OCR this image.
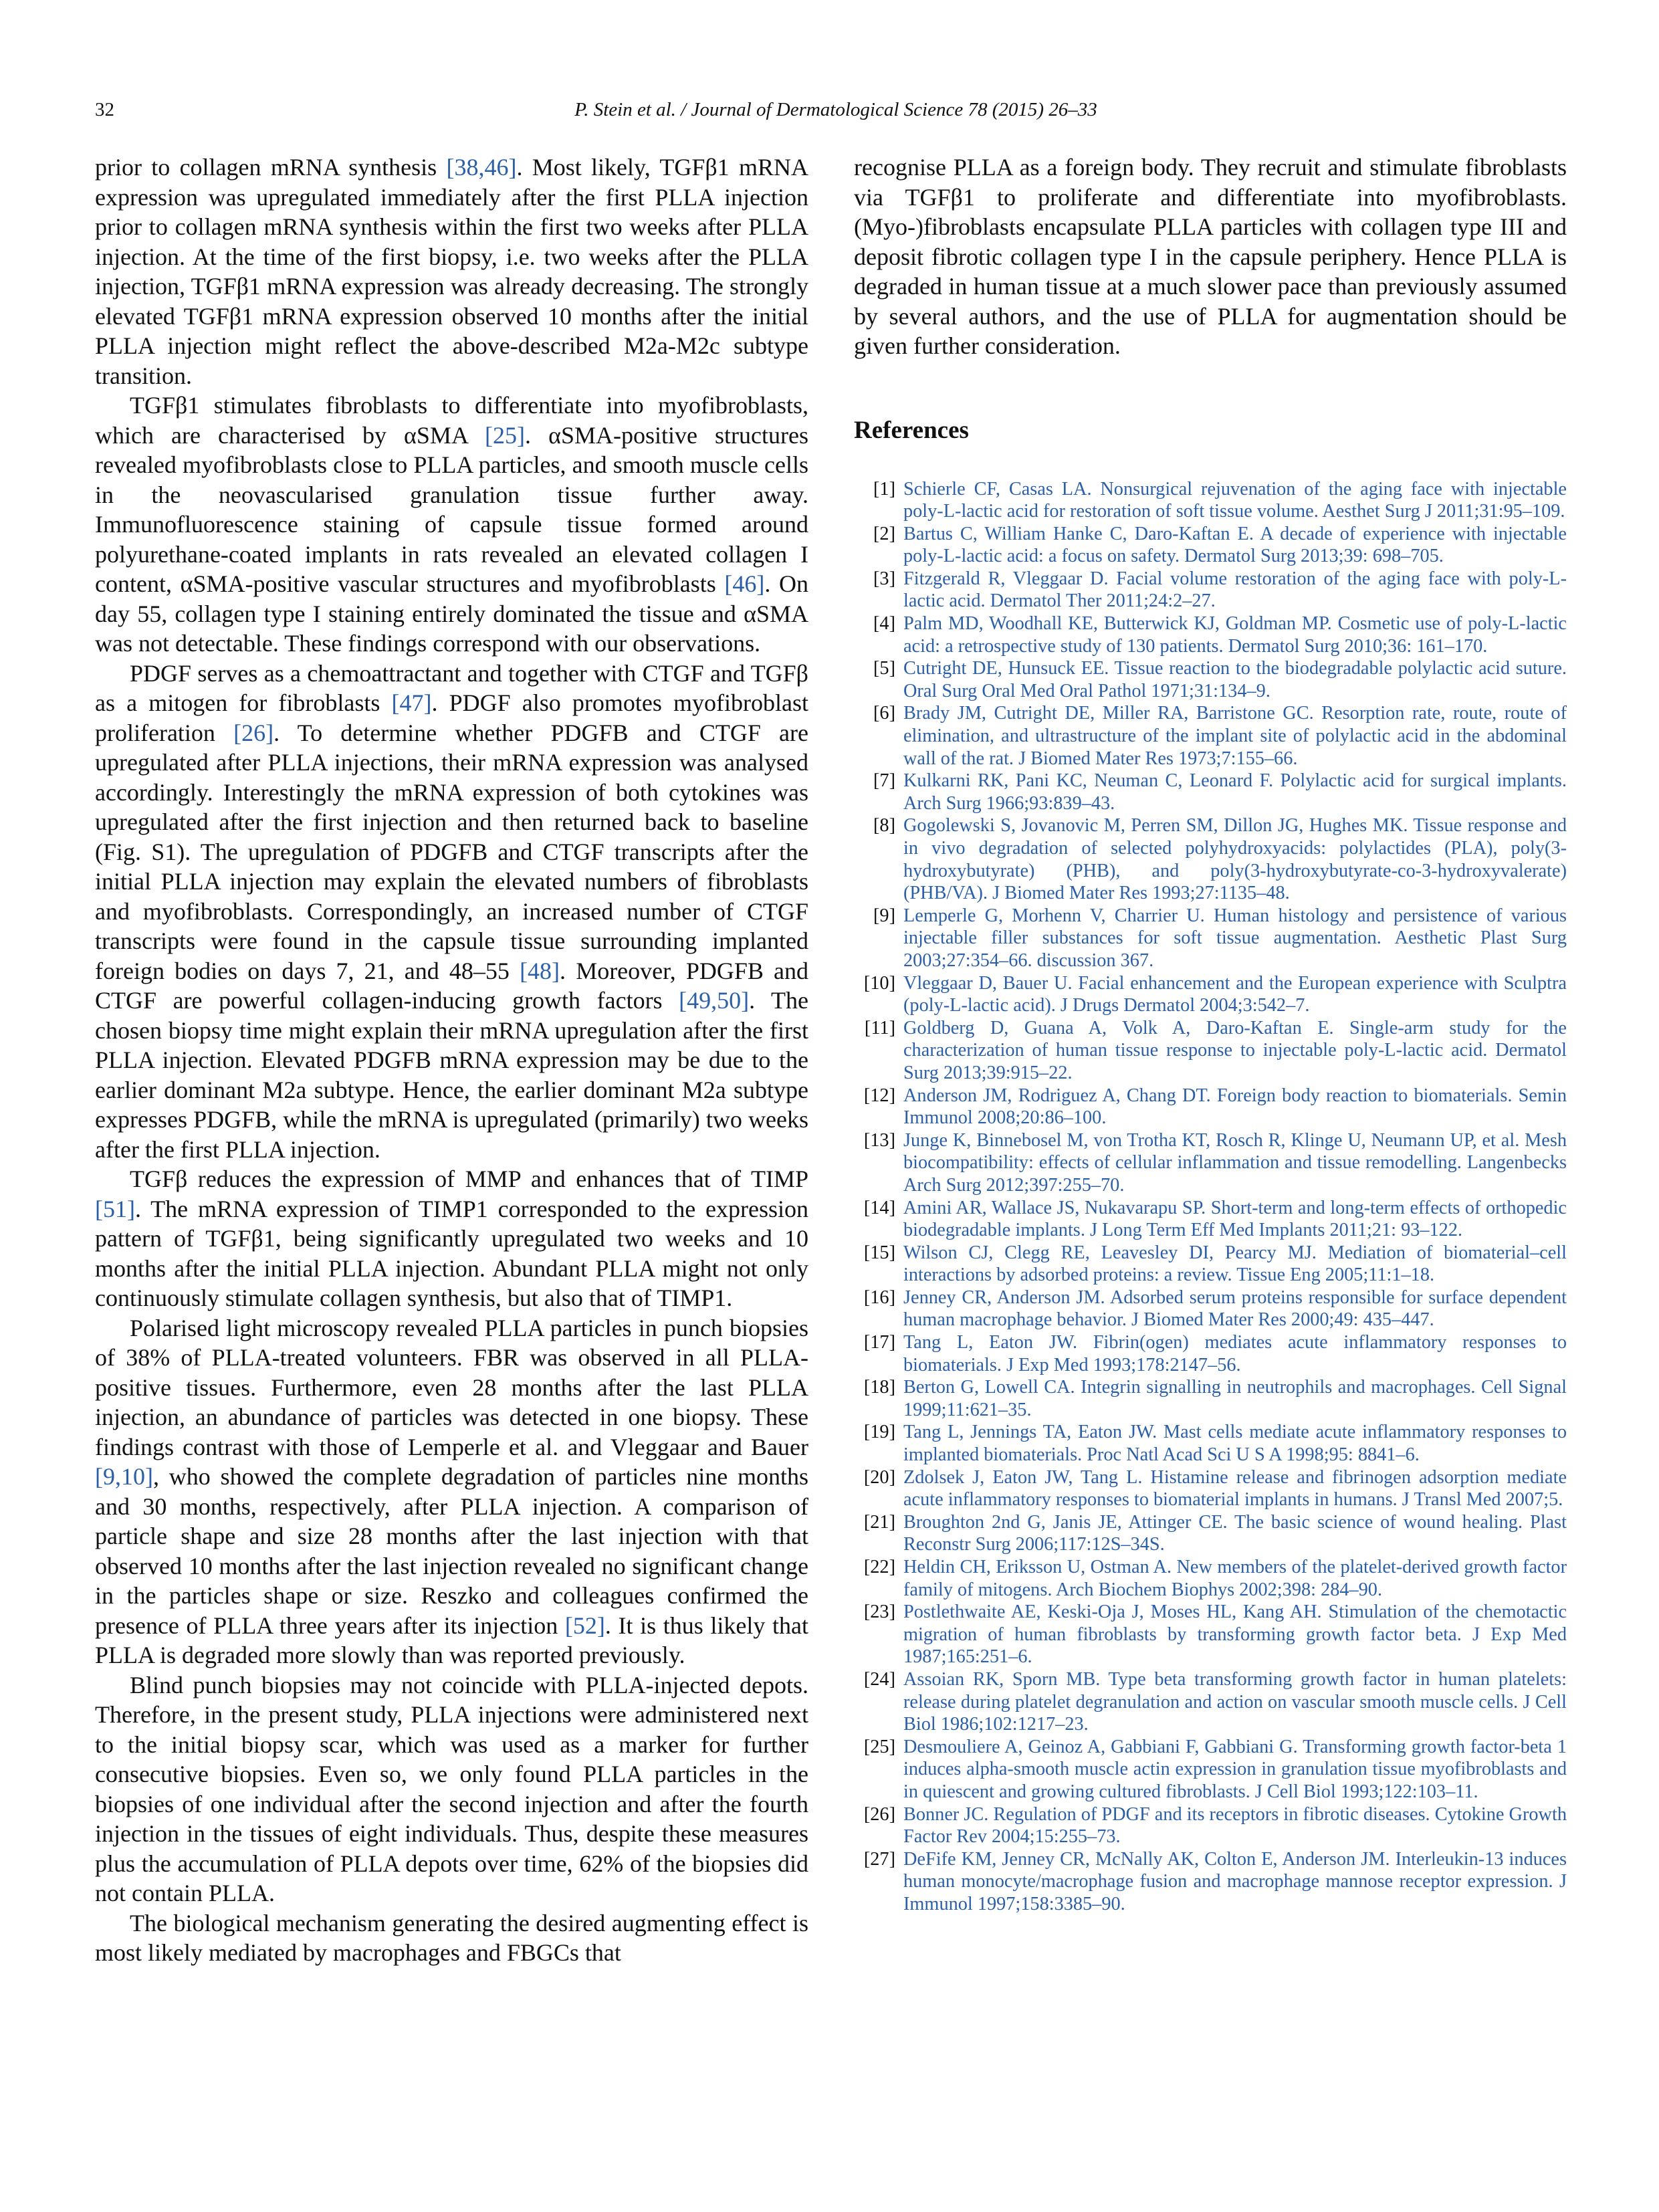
32	P. Stein et al. / Journal of Dermatological Science 78 (2015) 26–33

prior to collagen mRNA synthesis [38,46]. Most likely, TGFβ1 mRNA expression was upregulated immediately after the first PLLA injection prior to collagen mRNA synthesis within the first two weeks after PLLA injection. At the time of the first biopsy, i.e. two weeks after the PLLA injection, TGFβ1 mRNA expression was already decreasing. The strongly elevated TGFβ1 mRNA expression observed 10 months after the initial PLLA injection might reflect the above-described M2a-M2c subtype transition.

TGFβ1 stimulates fibroblasts to differentiate into myofibroblasts, which are characterised by αSMA [25]. αSMA-positive structures revealed myofibroblasts close to PLLA particles, and smooth muscle cells in the neovascularised granulation tissue further away. Immunofluorescence staining of capsule tissue formed around polyurethane-coated implants in rats revealed an elevated collagen I content, αSMA-positive vascular structures and myofibroblasts [46]. On day 55, collagen type I staining entirely dominated the tissue and αSMA was not detectable. These findings correspond with our observations.

PDGF serves as a chemoattractant and together with CTGF and TGFβ as a mitogen for fibroblasts [47]. PDGF also promotes myofibroblast proliferation [26]. To determine whether PDGFB and CTGF are upregulated after PLLA injections, their mRNA expression was analysed accordingly. Interestingly the mRNA expression of both cytokines was upregulated after the first injection and then returned back to baseline (Fig. S1). The upregulation of PDGFB and CTGF transcripts after the initial PLLA injection may explain the elevated numbers of fibroblasts and myofibroblasts. Correspondingly, an increased number of CTGF transcripts were found in the capsule tissue surrounding implanted foreign bodies on days 7, 21, and 48–55 [48]. Moreover, PDGFB and CTGF are powerful collagen-inducing growth factors [49,50]. The chosen biopsy time might explain their mRNA upregulation after the first PLLA injection. Elevated PDGFB mRNA expression may be due to the earlier dominant M2a subtype. Hence, the earlier dominant M2a subtype expresses PDGFB, while the mRNA is upregulated (primarily) two weeks after the first PLLA injection.

TGFβ reduces the expression of MMP and enhances that of TIMP [51]. The mRNA expression of TIMP1 corresponded to the expression pattern of TGFβ1, being significantly upregulated two weeks and 10 months after the initial PLLA injection. Abundant PLLA might not only continuously stimulate collagen synthesis, but also that of TIMP1.

Polarised light microscopy revealed PLLA particles in punch biopsies of 38% of PLLA-treated volunteers. FBR was observed in all PLLA-positive tissues. Furthermore, even 28 months after the last PLLA injection, an abundance of particles was detected in one biopsy. These findings contrast with those of Lemperle et al. and Vleggaar and Bauer [9,10], who showed the complete degradation of particles nine months and 30 months, respectively, after PLLA injection. A comparison of particle shape and size 28 months after the last injection with that observed 10 months after the last injection revealed no significant change in the particles shape or size. Reszko and colleagues confirmed the presence of PLLA three years after its injection [52]. It is thus likely that PLLA is degraded more slowly than was reported previously.

Blind punch biopsies may not coincide with PLLA-injected depots. Therefore, in the present study, PLLA injections were administered next to the initial biopsy scar, which was used as a marker for further consecutive biopsies. Even so, we only found PLLA particles in the biopsies of one individual after the second injection and after the fourth injection in the tissues of eight individuals. Thus, despite these measures plus the accumulation of PLLA depots over time, 62% of the biopsies did not contain PLLA.

The biological mechanism generating the desired augmenting effect is most likely mediated by macrophages and FBGCs that

recognise PLLA as a foreign body. They recruit and stimulate fibroblasts via TGFβ1 to proliferate and differentiate into myofibroblasts. (Myo-)fibroblasts encapsulate PLLA particles with collagen type III and deposit fibrotic collagen type I in the capsule periphery. Hence PLLA is degraded in human tissue at a much slower pace than previously assumed by several authors, and the use of PLLA for augmentation should be given further consideration.

References
[1] Schierle CF, Casas LA. Nonsurgical rejuvenation of the aging face with injectable poly-L-lactic acid for restoration of soft tissue volume. Aesthet Surg J 2011;31:95–109.
[2] Bartus C, William Hanke C, Daro-Kaftan E. A decade of experience with injectable poly-L-lactic acid: a focus on safety. Dermatol Surg 2013;39: 698–705.
[3] Fitzgerald R, Vleggaar D. Facial volume restoration of the aging face with poly-L-lactic acid. Dermatol Ther 2011;24:2–27.
[4] Palm MD, Woodhall KE, Butterwick KJ, Goldman MP. Cosmetic use of poly-L-lactic acid: a retrospective study of 130 patients. Dermatol Surg 2010;36: 161–170.
[5] Cutright DE, Hunsuck EE. Tissue reaction to the biodegradable polylactic acid suture. Oral Surg Oral Med Oral Pathol 1971;31:134–9.
[6] Brady JM, Cutright DE, Miller RA, Barristone GC. Resorption rate, route, route of elimination, and ultrastructure of the implant site of polylactic acid in the abdominal wall of the rat. J Biomed Mater Res 1973;7:155–66.
[7] Kulkarni RK, Pani KC, Neuman C, Leonard F. Polylactic acid for surgical implants. Arch Surg 1966;93:839–43.
[8] Gogolewski S, Jovanovic M, Perren SM, Dillon JG, Hughes MK. Tissue response and in vivo degradation of selected polyhydroxyacids: polylactides (PLA), poly(3-hydroxybutyrate) (PHB), and poly(3-hydroxybutyrate-co-3-hydroxyvalerate) (PHB/VA). J Biomed Mater Res 1993;27:1135–48.
[9] Lemperle G, Morhenn V, Charrier U. Human histology and persistence of various injectable filler substances for soft tissue augmentation. Aesthetic Plast Surg 2003;27:354–66. discussion 367.
[10] Vleggaar D, Bauer U. Facial enhancement and the European experience with Sculptra (poly-L-lactic acid). J Drugs Dermatol 2004;3:542–7.
[11] Goldberg D, Guana A, Volk A, Daro-Kaftan E. Single-arm study for the characterization of human tissue response to injectable poly-L-lactic acid. Dermatol Surg 2013;39:915–22.
[12] Anderson JM, Rodriguez A, Chang DT. Foreign body reaction to biomaterials. Semin Immunol 2008;20:86–100.
[13] Junge K, Binnebosel M, von Trotha KT, Rosch R, Klinge U, Neumann UP, et al. Mesh biocompatibility: effects of cellular inflammation and tissue remodelling. Langenbecks Arch Surg 2012;397:255–70.
[14] Amini AR, Wallace JS, Nukavarapu SP. Short-term and long-term effects of orthopedic biodegradable implants. J Long Term Eff Med Implants 2011;21: 93–122.
[15] Wilson CJ, Clegg RE, Leavesley DI, Pearcy MJ. Mediation of biomaterial–cell interactions by adsorbed proteins: a review. Tissue Eng 2005;11:1–18.
[16] Jenney CR, Anderson JM. Adsorbed serum proteins responsible for surface dependent human macrophage behavior. J Biomed Mater Res 2000;49: 435–447.
[17] Tang L, Eaton JW. Fibrin(ogen) mediates acute inflammatory responses to biomaterials. J Exp Med 1993;178:2147–56.
[18] Berton G, Lowell CA. Integrin signalling in neutrophils and macrophages. Cell Signal 1999;11:621–35.
[19] Tang L, Jennings TA, Eaton JW. Mast cells mediate acute inflammatory responses to implanted biomaterials. Proc Natl Acad Sci U S A 1998;95: 8841–6.
[20] Zdolsek J, Eaton JW, Tang L. Histamine release and fibrinogen adsorption mediate acute inflammatory responses to biomaterial implants in humans. J Transl Med 2007;5.
[21] Broughton 2nd G, Janis JE, Attinger CE. The basic science of wound healing. Plast Reconstr Surg 2006;117:12S–34S.
[22] Heldin CH, Eriksson U, Ostman A. New members of the platelet-derived growth factor family of mitogens. Arch Biochem Biophys 2002;398: 284–90.
[23] Postlethwaite AE, Keski-Oja J, Moses HL, Kang AH. Stimulation of the chemotactic migration of human fibroblasts by transforming growth factor beta. J Exp Med 1987;165:251–6.
[24] Assoian RK, Sporn MB. Type beta transforming growth factor in human platelets: release during platelet degranulation and action on vascular smooth muscle cells. J Cell Biol 1986;102:1217–23.
[25] Desmouliere A, Geinoz A, Gabbiani F, Gabbiani G. Transforming growth factor-beta 1 induces alpha-smooth muscle actin expression in granulation tissue myofibroblasts and in quiescent and growing cultured fibroblasts. J Cell Biol 1993;122:103–11.
[26] Bonner JC. Regulation of PDGF and its receptors in fibrotic diseases. Cytokine Growth Factor Rev 2004;15:255–73.
[27] DeFife KM, Jenney CR, McNally AK, Colton E, Anderson JM. Interleukin-13 induces human monocyte/macrophage fusion and macrophage mannose receptor expression. J Immunol 1997;158:3385–90.
